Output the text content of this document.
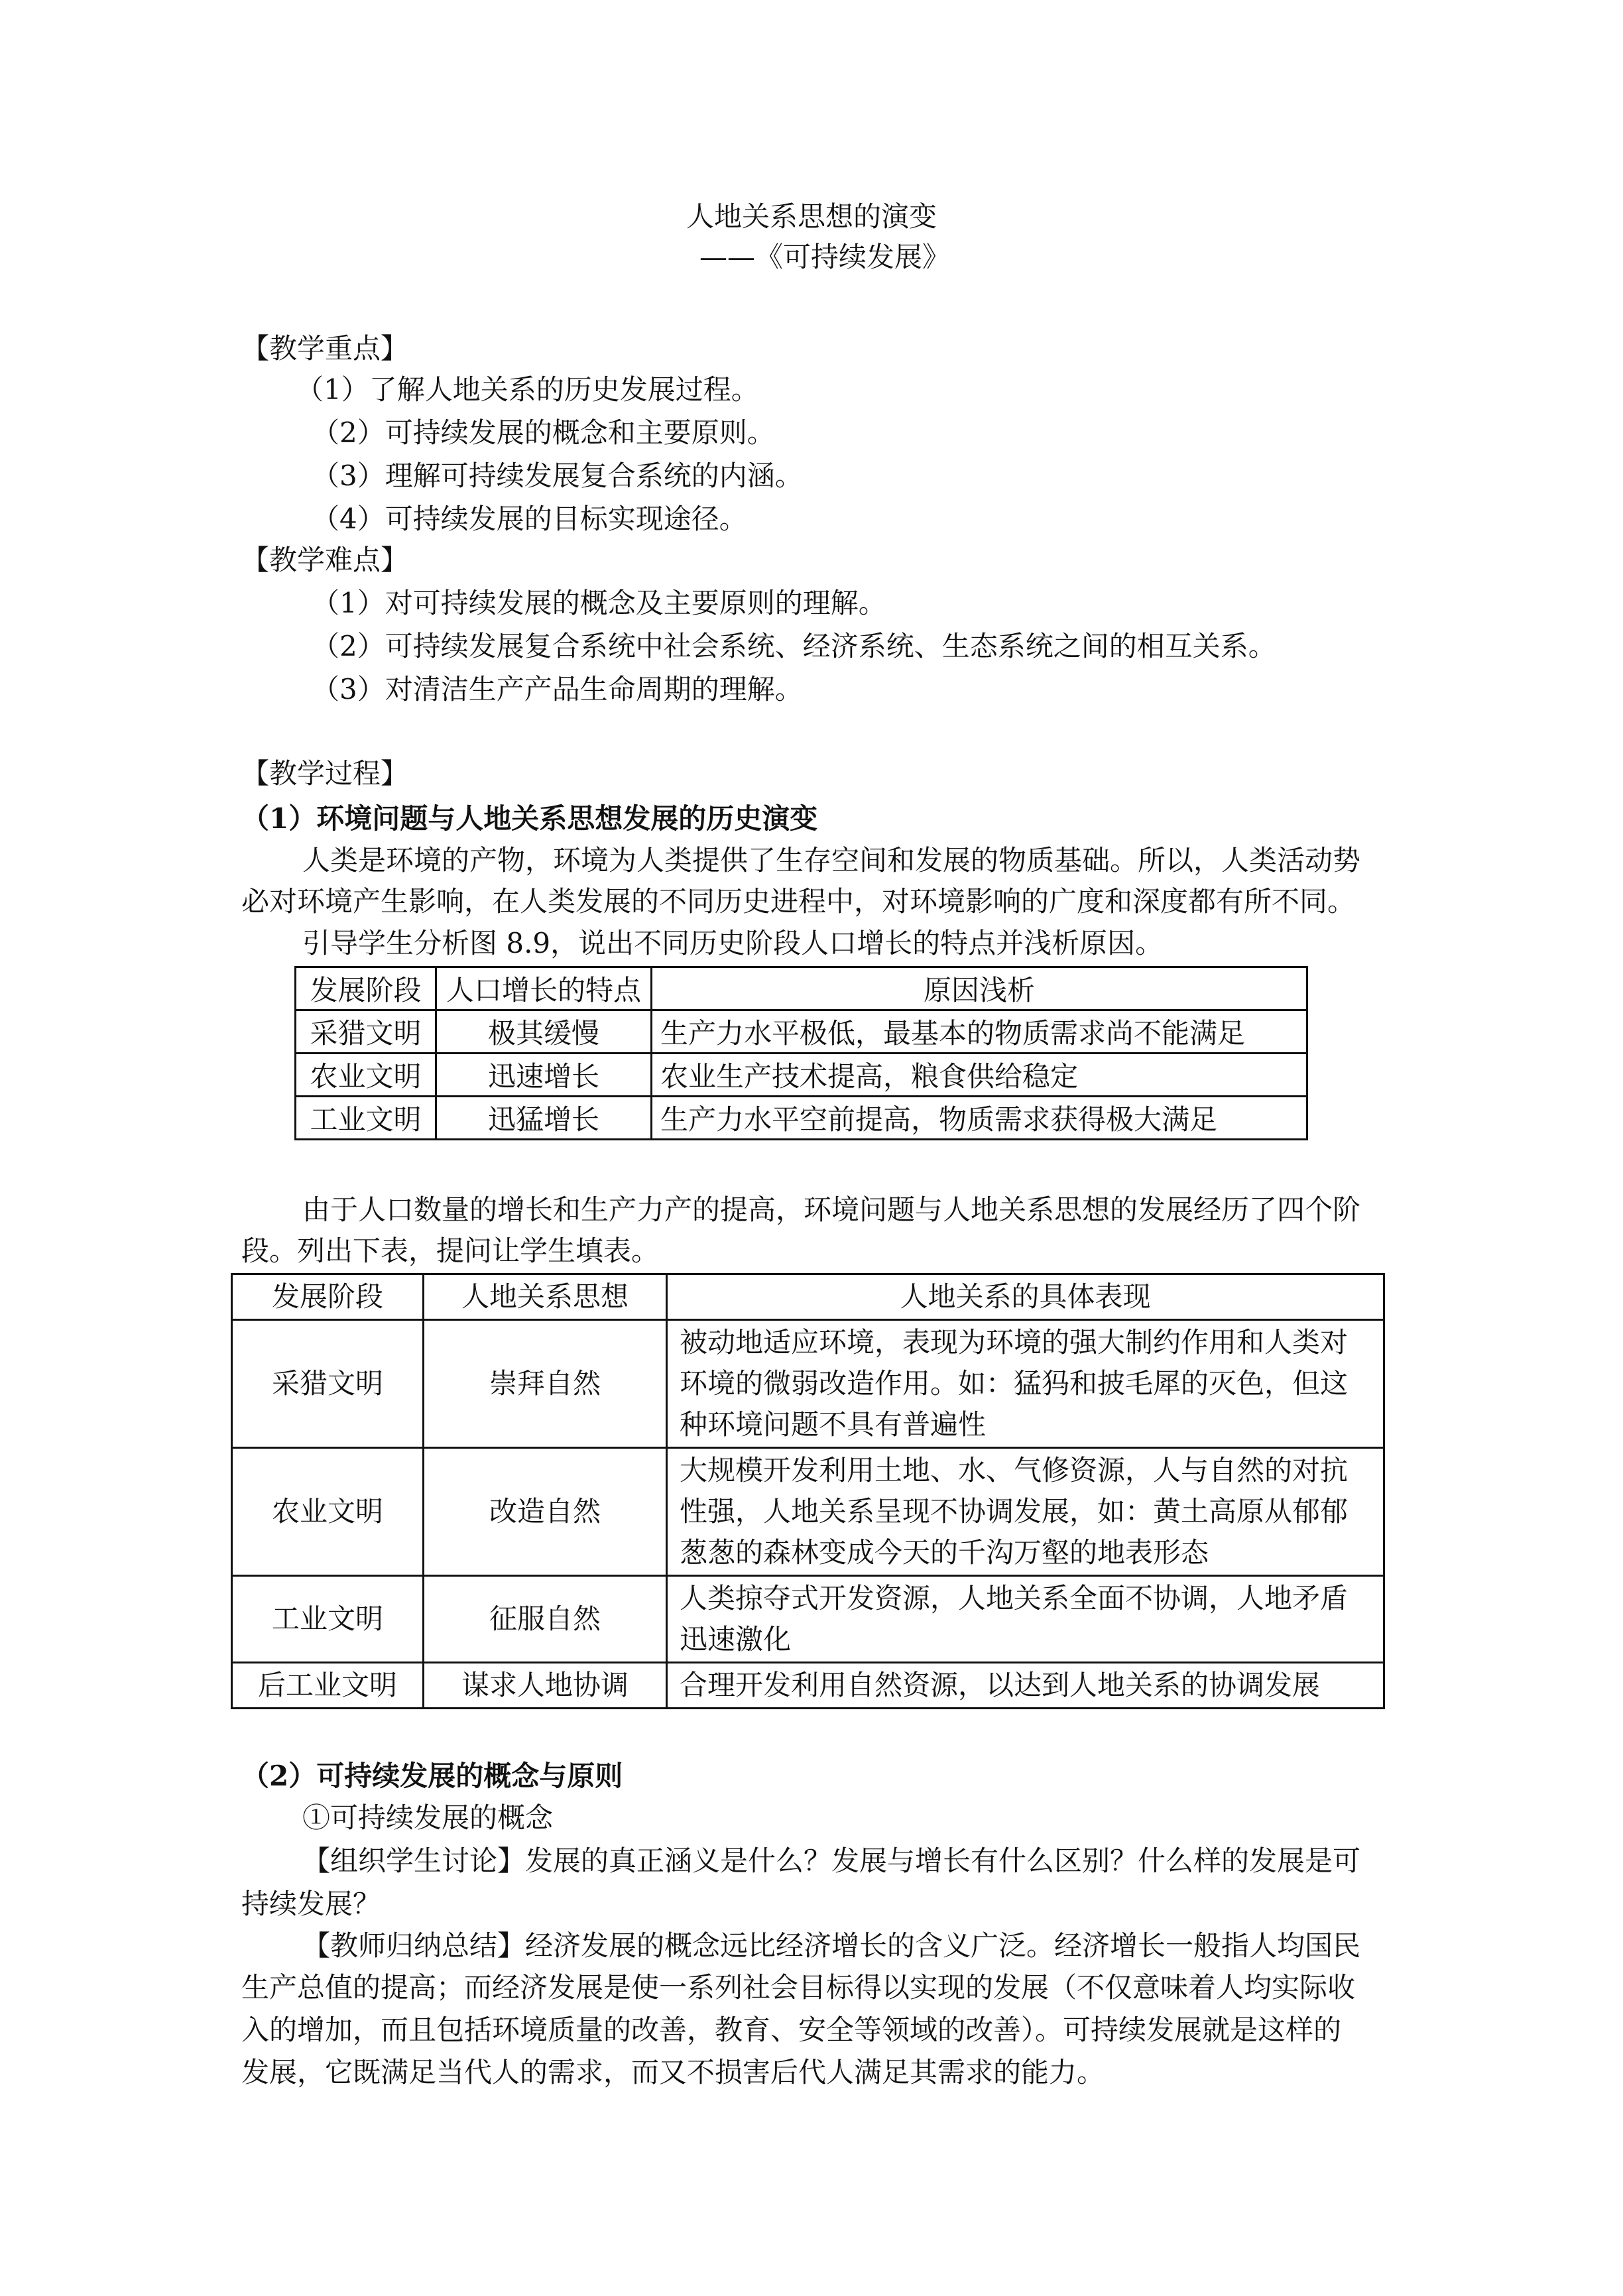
人地关系思想的演变
——《可持续发展》
【教学重点】
（1）了解人地关系的历史发展过程。
（2）可持续发展的概念和主要原则。
（3）理解可持续发展复合系统的内涵。
（4）可持续发展的目标实现途径。
【教学难点】
（1）对可持续发展的概念及主要原则的理解。
（2）可持续发展复合系统中社会系统、经济系统、生态系统之间的相互关系。
（3）对清洁生产产品生命周期的理解。
【教学过程】
（1）环境问题与人地关系思想发展的历史演变
人类是环境的产物，环境为人类提供了生存空间和发展的物质基础。所以，人类活动势
必对环境产生影响，在人类发展的不同历史进程中，对环境影响的广度和深度都有所不同。
引导学生分析图 8.9，说出不同历史阶段人口增长的特点并浅析原因。
发展阶段	人口增长的特点	原因浅析
采猎文明	极其缓慢	生产力水平极低，最基本的物质需求尚不能满足
农业文明	迅速增长	农业生产技术提高，粮食供给稳定
工业文明	迅猛增长	生产力水平空前提高，物质需求获得极大满足
由于人口数量的增长和生产力产的提高，环境问题与人地关系思想的发展经历了四个阶
段。列出下表，提问让学生填表。
发展阶段	人地关系思想	人地关系的具体表现
采猎文明	崇拜自然	被动地适应环境，表现为环境的强大制约作用和人类对环境的微弱改造作用。如：猛犸和披毛犀的灭色，但这种环境问题不具有普遍性
农业文明	改造自然	大规模开发利用土地、水、气修资源，人与自然的对抗性强，人地关系呈现不协调发展，如：黄土高原从郁郁葱葱的森林变成今天的千沟万壑的地表形态
工业文明	征服自然	人类掠夺式开发资源，人地关系全面不协调，人地矛盾迅速激化
后工业文明	谋求人地协调	合理开发利用自然资源，以达到人地关系的协调发展
（2）可持续发展的概念与原则
①可持续发展的概念
【组织学生讨论】发展的真正涵义是什么？发展与增长有什么区别？什么样的发展是可
持续发展？
【教师归纳总结】经济发展的概念远比经济增长的含义广泛。经济增长一般指人均国民
生产总值的提高；而经济发展是使一系列社会目标得以实现的发展（不仅意味着人均实际收
入的增加，而且包括环境质量的改善，教育、安全等领域的改善）。可持续发展就是这样的
发展，它既满足当代人的需求，而又不损害后代人满足其需求的能力。
